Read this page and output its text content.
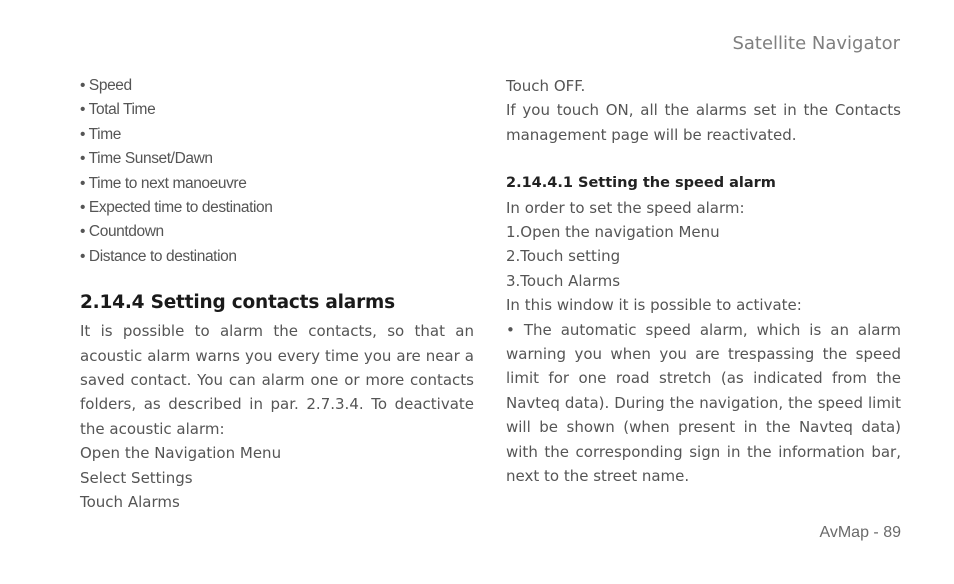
Satellite Navigator
• Speed
• Total Time
• Time
• Time Sunset/Dawn
• Time to next manoeuvre
• Expected time to destination
• Countdown
• Distance to destination
2.14.4 Setting contacts alarms

It is possible to alarm the contacts, so that an acoustic alarm warns you every time you are near a saved contact. You can alarm one or more contacts folders, as described in par. 2.7.3.4. To deactivate the acoustic alarm:

Open the Navigation Menu

Select Settings

Touch Alarms

Touch OFF.

If you touch ON, all the alarms set in the Contacts management page will be reactivated.

2.14.4.1 Setting the speed alarm

In order to set the speed alarm:

1.Open the navigation Menu

2.Touch setting

3.Touch Alarms

In this window it is possible to activate:

• The automatic speed alarm, which is an alarm warning you when you are trespassing the speed limit for one road stretch (as indicated from the Navteq data). During the navigation, the speed limit will be shown (when present in the Navteq data) with the corresponding sign in the information bar, next to the street name.

AvMap - 89
